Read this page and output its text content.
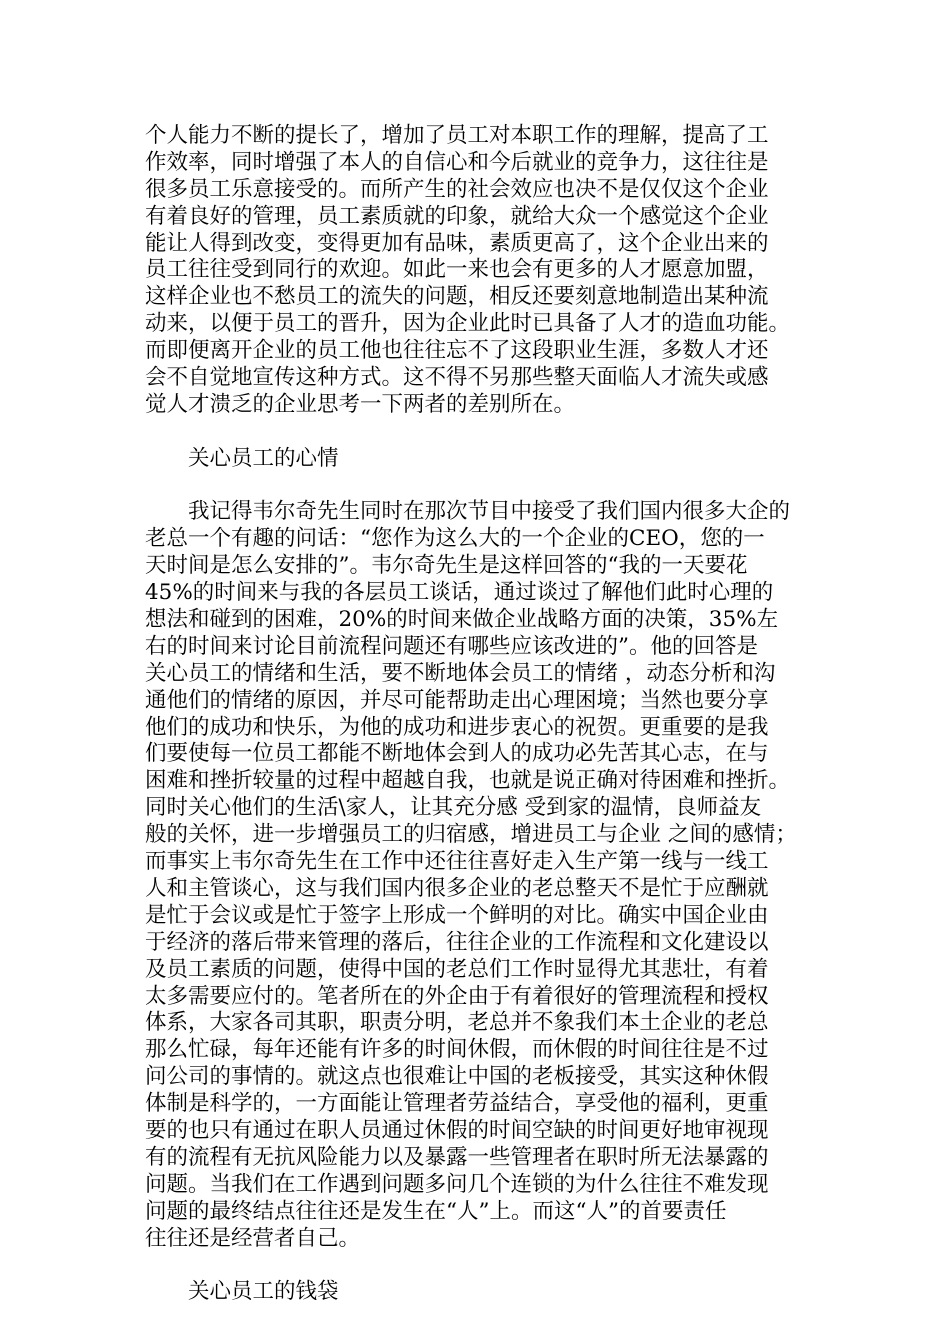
个人能力不断的提长了，增加了员工对本职工作的理解，提高了工
作效率，同时增强了本人的自信心和今后就业的竞争力，这往往是
很多员工乐意接受的。而所产生的社会效应也决不是仅仅这个企业
有着良好的管理，员工素质就的印象，就给大众一个感觉这个企业
能让人得到改变，变得更加有品味，素质更高了，这个企业出来的
员工往往受到同行的欢迎。如此一来也会有更多的人才愿意加盟，
这样企业也不愁员工的流失的问题，相反还要刻意地制造出某种流
动来，以便于员工的晋升，因为企业此时已具备了人才的造血功能。
而即便离开企业的员工他也往往忘不了这段职业生涯，多数人才还
会不自觉地宣传这种方式。这不得不另那些整天面临人才流失或感
觉人才溃乏的企业思考一下两者的差别所在。
　　关心员工的心情
　　我记得韦尔奇先生同时在那次节目中接受了我们国内很多大企的
老总一个有趣的问话：“您作为这么大的一个企业的CEO，您的一
天时间是怎么安排的”。韦尔奇先生是这样回答的“我的一天要花
45%的时间来与我的各层员工谈话，通过谈过了解他们此时心理的
想法和碰到的困难，20%的时间来做企业战略方面的决策，35%左
右的时间来讨论目前流程问题还有哪些应该改进的”。他的回答是
关心员工的情绪和生活，要不断地体会员工的情绪 ，动态分析和沟
通他们的情绪的原因，并尽可能帮助走出心理困境；当然也要分享
他们的成功和快乐，为他的成功和进步衷心的祝贺。更重要的是我
们要使每一位员工都能不断地体会到人的成功必先苦其心志，在与
困难和挫折较量的过程中超越自我，也就是说正确对待困难和挫折。
同时关心他们的生活\家人，让其充分感 受到家的温情，良师益友
般的关怀，进一步增强员工的归宿感，增进员工与企业 之间的感情；
而事实上韦尔奇先生在工作中还往往喜好走入生产第一线与一线工
人和主管谈心，这与我们国内很多企业的老总整天不是忙于应酬就
是忙于会议或是忙于签字上形成一个鲜明的对比。确实中国企业由
于经济的落后带来管理的落后，往往企业的工作流程和文化建设以
及员工素质的问题，使得中国的老总们工作时显得尤其悲壮，有着
太多需要应付的。笔者所在的外企由于有着很好的管理流程和授权
体系，大家各司其职，职责分明，老总并不象我们本土企业的老总
那么忙碌，每年还能有许多的时间休假，而休假的时间往往是不过
问公司的事情的。就这点也很难让中国的老板接受，其实这种休假
体制是科学的，一方面能让管理者劳益结合，享受他的福利，更重
要的也只有通过在职人员通过休假的时间空缺的时间更好地审视现
有的流程有无抗风险能力以及暴露一些管理者在职时所无法暴露的
问题。当我们在工作遇到问题多问几个连锁的为什么往往不难发现
问题的最终结点往往还是发生在“人”上。而这“人”的首要责任
往往还是经营者自己。
　　关心员工的钱袋
